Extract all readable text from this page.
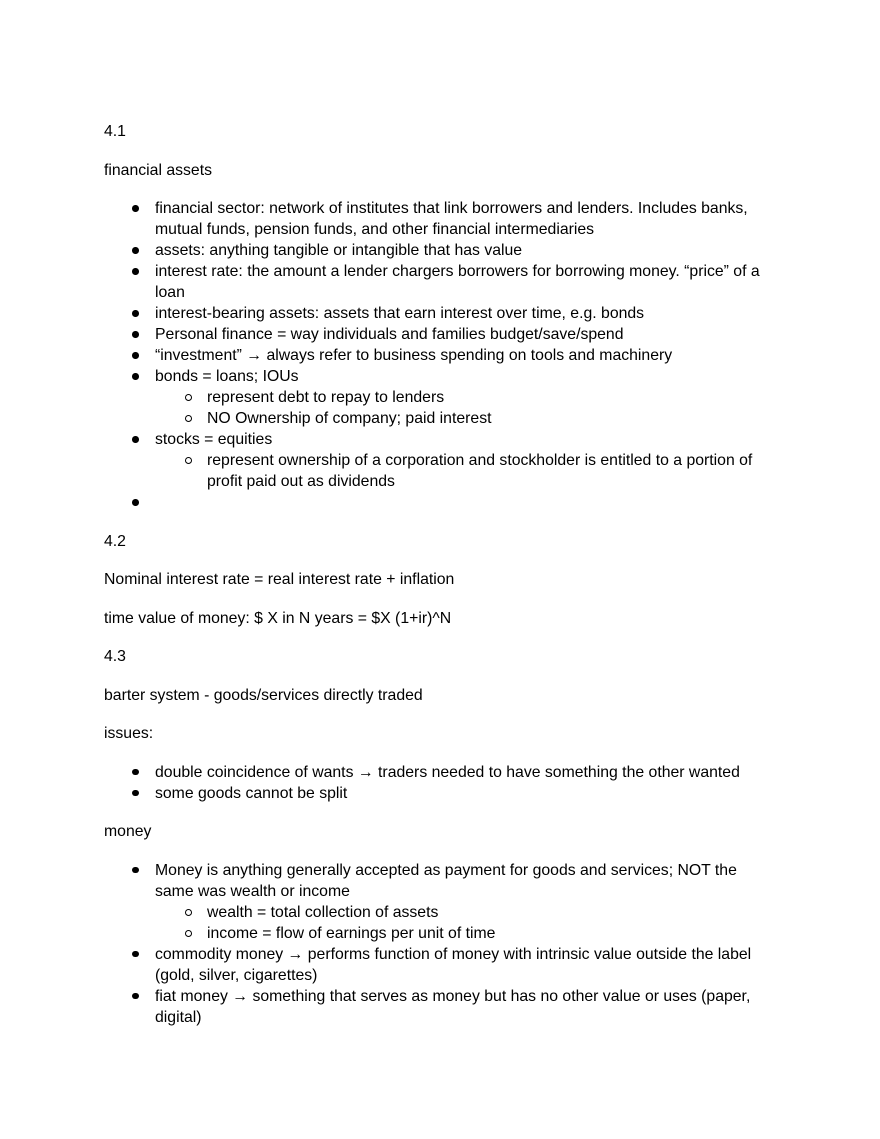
4.1

financial assets

financial sector: network of institutes that link borrowers and lenders. Includes banks, mutual funds, pension funds, and other financial intermediaries
assets: anything tangible or intangible that has value
interest rate: the amount a lender chargers borrowers for borrowing money. “price” of a loan
interest-bearing assets: assets that earn interest over time, e.g. bonds
Personal finance = way individuals and families budget/save/spend
“investment” → always refer to business spending on tools and machinery
bonds = loans; IOUs
represent debt to repay to lenders
NO Ownership of company; paid interest
stocks = equities
represent ownership of a corporation and stockholder is entitled to a portion of profit paid out as dividends

4.2

Nominal interest rate = real interest rate + inflation

time value of money: $ X in N years = $X (1+ir)^N

4.3

barter system - goods/services directly traded

issues:

double coincidence of wants → traders needed to have something the other wanted
some goods cannot be split

money

Money is anything generally accepted as payment for goods and services; NOT the same was wealth or income
wealth = total collection of assets
income = flow of earnings per unit of time
commodity money → performs function of money with intrinsic value outside the label (gold, silver, cigarettes)
fiat money → something that serves as money but has no other value or uses (paper, digital)
